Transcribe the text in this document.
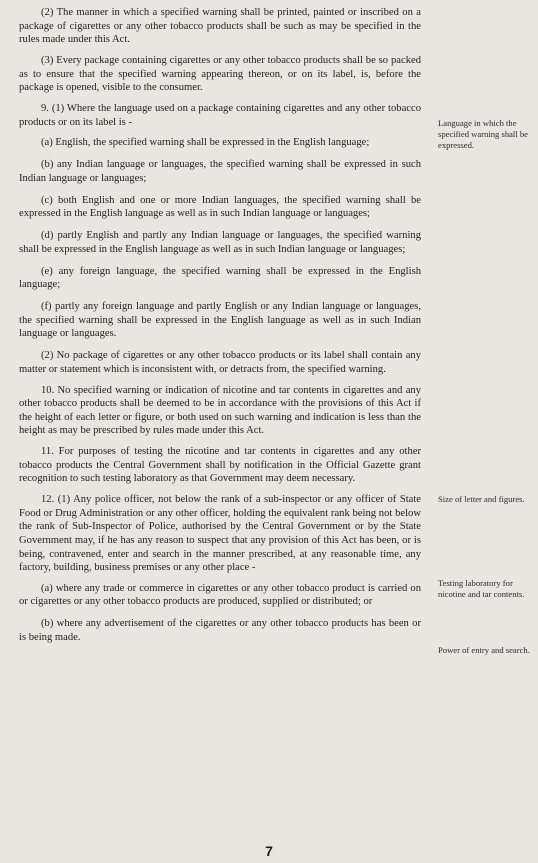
(2) The manner in which a specified warning shall be printed, painted or inscribed on a package of cigarettes or any other tobacco products shall be such as may be specified in the rules made under this Act.

(3) Every package containing cigarettes or any other tobacco products shall be so packed as to ensure that the specified warning appearing thereon, or on its label, is, before the package is opened, visible to the consumer.

9. (1) Where the language used on a package containing cigarettes and any other tobacco products or on its label is -

(a) English, the specified warning shall be expressed in the English language;

(b) any Indian language or languages, the specified warning shall be expressed in such Indian language or languages;

(c) both English and one or more Indian languages, the specified warning shall be expressed in the English language as well as in such Indian language or languages;

(d) partly English and partly any Indian language or languages, the specified warning shall be expressed in the English language as well as in such Indian language or languages;

(e) any foreign language, the specified warning shall be expressed in the English language;

(f) partly any foreign language and partly English or any Indian language or languages, the specified warning shall be expressed in the English language as well as in such Indian language or languages.

(2) No package of cigarettes or any other tobacco products or its label shall contain any matter or statement which is inconsistent with, or detracts from, the specified warning.

10. No specified warning or indication of nicotine and tar contents in cigarettes and any other tobacco products shall be deemed to be in accordance with the provisions of this Act if the height of each letter or figure, or both used on such warning and indication is less than the height as may be prescribed by rules made under this Act.

11. For purposes of testing the nicotine and tar contents in cigarettes and any other tobacco products the Central Government shall by notification in the Official Gazette grant recognition to such testing laboratory as that Government may deem necessary.

12. (1) Any police officer, not below the rank of a sub-inspector or any officer of State Food or Drug Administration or any other officer, holding the equivalent rank being not below the rank of Sub-Inspector of Police, authorised by the Central Government or by the State Government may, if he has any reason to suspect that any provision of this Act has been, or is being, contravened, enter and search in the manner prescribed, at any reasonable time, any factory, building, business premises or any other place -

(a) where any trade or commerce in cigarettes or any other tobacco product is carried on or cigarettes or any other tobacco products are produced, supplied or distributed; or

(b) where any advertisement of the cigarettes or any other tobacco products has been or is being made.

Language in which the specified warning shall be expressed.
Size of letter and figures.
Testing laboratory for nicotine and tar contents.
Power of entry and search.
7
